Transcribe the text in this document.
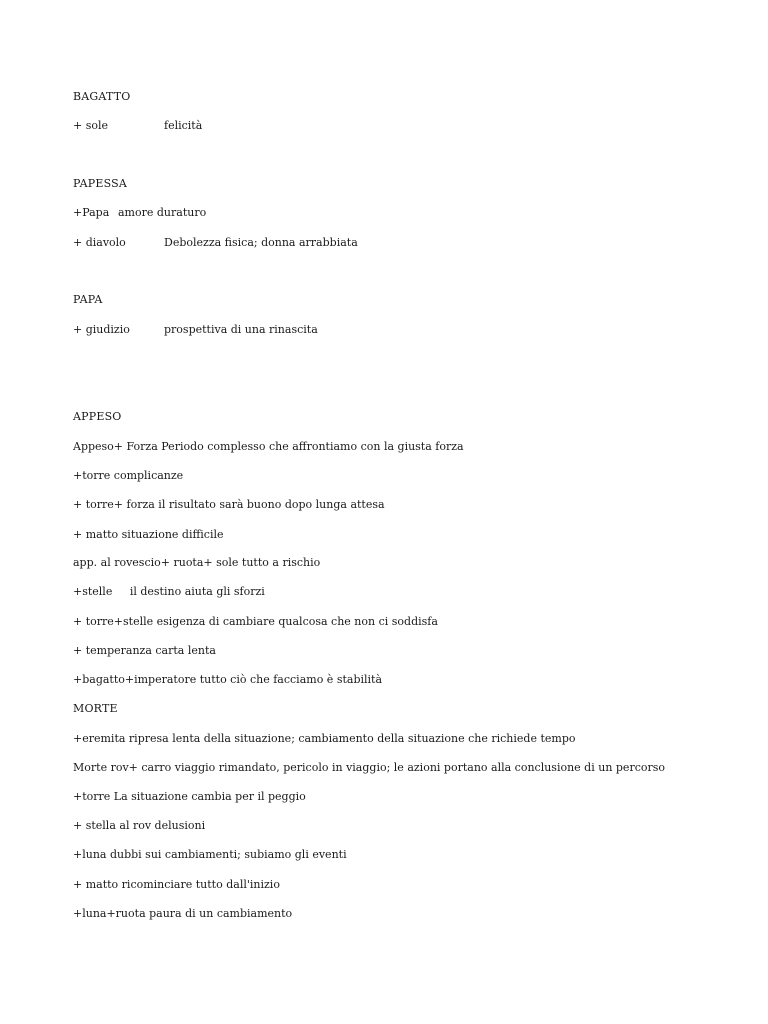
BAGATTO
+ sole	felicità
PAPESSA
+Papa amore duraturo
+ diavolo	Debolezza fisica; donna arrabbiata
PAPA
+ giudizio	prospettiva di una rinascita
APPESO
Appeso+ Forza Periodo complesso che affrontiamo con la giusta forza
+torre complicanze
+ torre+ forza il risultato sarà buono dopo lunga attesa
+ matto situazione difficile
app. al rovescio+ ruota+ sole tutto a rischio
+stelle     il destino aiuta gli sforzi
+ torre+stelle esigenza di cambiare qualcosa che non ci soddisfa
+ temperanza carta lenta
+bagatto+imperatore tutto ciò che facciamo è stabilità
MORTE
+eremita ripresa lenta della situazione; cambiamento della situazione che richiede tempo
Morte rov+ carro viaggio rimandato, pericolo in viaggio; le azioni portano alla conclusione di un percorso
+torre La situazione cambia per il peggio
+ stella al rov delusioni
+luna dubbi sui cambiamenti; subiamo gli eventi
+ matto ricominciare tutto dall'inizio
+luna+ruota paura di un cambiamento
